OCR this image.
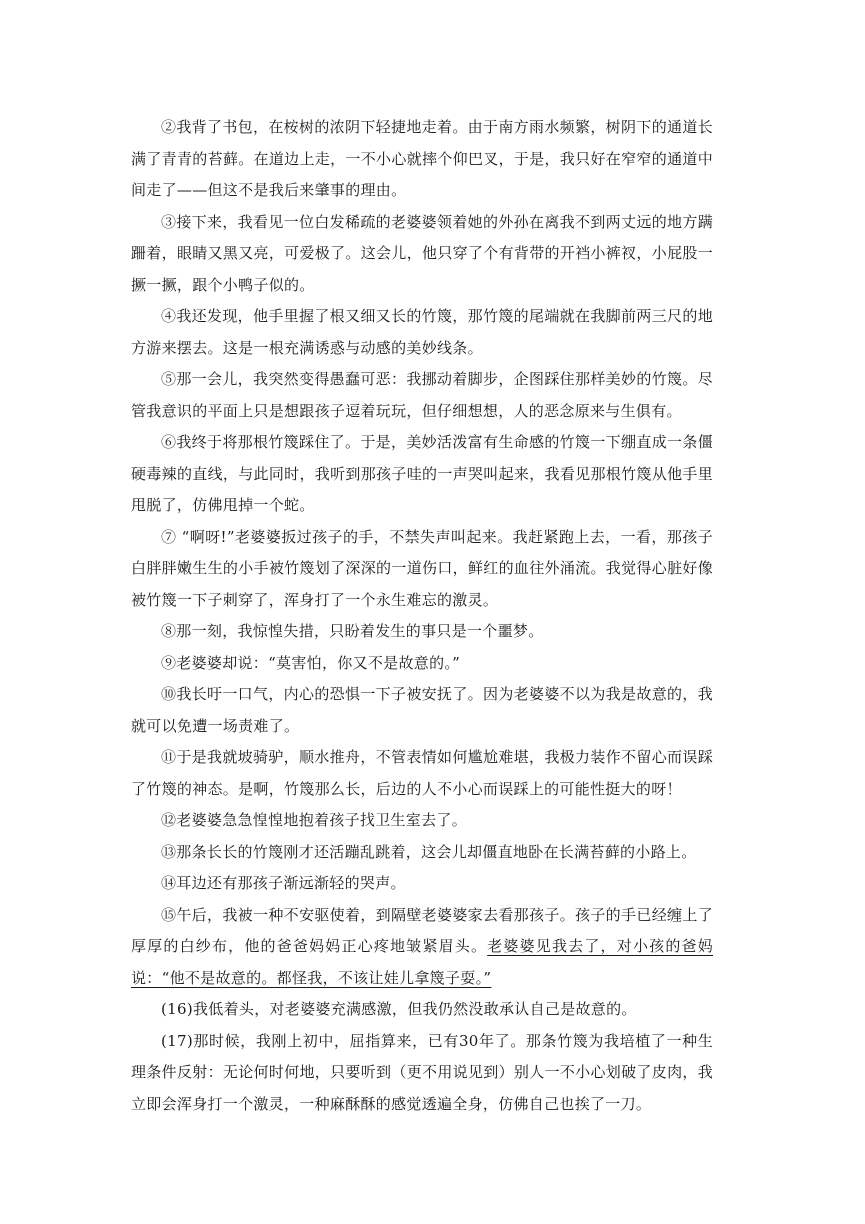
②我背了书包，在桉树的浓阴下轻捷地走着。由于南方雨水频繁，树阴下的通道长满了青青的苔藓。在道边上走，一不小心就摔个仰巴叉，于是，我只好在窄窄的通道中间走了——但这不是我后来肇事的理由。

③接下来，我看见一位白发稀疏的老婆婆领着她的外孙在离我不到两丈远的地方蹒跚着，眼睛又黑又亮，可爱极了。这会儿，他只穿了个有背带的开裆小裤衩，小屁股一撅一撅，跟个小鸭子似的。

④我还发现，他手里握了根又细又长的竹篾，那竹篾的尾端就在我脚前两三尺的地方游来摆去。这是一根充满诱惑与动感的美妙线条。

⑤那一会儿，我突然变得愚蠢可恶：我挪动着脚步，企图踩住那样美妙的竹篾。尽管我意识的平面上只是想跟孩子逗着玩玩，但仔细想想，人的恶念原来与生俱有。

⑥我终于将那根竹篾踩住了。于是，美妙活泼富有生命感的竹篾一下绷直成一条僵硬毒辣的直线，与此同时，我听到那孩子哇的一声哭叫起来，我看见那根竹篾从他手里甩脱了，仿佛甩掉一个蛇。

⑦ “啊呀!”老婆婆扳过孩子的手，不禁失声叫起来。我赶紧跑上去，一看，那孩子白胖胖嫩生生的小手被竹篾划了深深的一道伤口，鲜红的血往外涌流。我觉得心脏好像被竹篾一下子刺穿了，浑身打了一个永生难忘的激灵。

⑧那一刻，我惊惶失措，只盼着发生的事只是一个噩梦。

⑨老婆婆却说：“莫害怕，你又不是故意的。”

⑩我长吁一口气，内心的恐惧一下子被安抚了。因为老婆婆不以为我是故意的，我就可以免遭一场责难了。

⑪于是我就坡骑驴，顺水推舟，不管表情如何尴尬难堪，我极力装作不留心而误踩了竹篾的神态。是啊，竹篾那么长，后边的人不小心而误踩上的可能性挺大的呀！

⑫老婆婆急急惶惶地抱着孩子找卫生室去了。

⑬那条长长的竹篾刚才还活蹦乱跳着，这会儿却僵直地卧在长满苔藓的小路上。

⑭耳边还有那孩子渐远渐轻的哭声。

⑮午后，我被一种不安驱使着，到隔壁老婆婆家去看那孩子。孩子的手已经缠上了厚厚的白纱布，他的爸爸妈妈正心疼地皱紧眉头。老婆婆见我去了，对小孩的爸妈说：“他不是故意的。都怪我，不该让娃儿拿篾子耍。”

(16)我低着头，对老婆婆充满感激，但我仍然没敢承认自己是故意的。

(17)那时候，我刚上初中，屈指算来，已有30年了。那条竹篾为我培植了一种生理条件反射：无论何时何地，只要听到（更不用说见到）别人一不小心划破了皮肉，我立即会浑身打一个激灵，一种麻酥酥的感觉透遍全身，仿佛自己也挨了一刀。
